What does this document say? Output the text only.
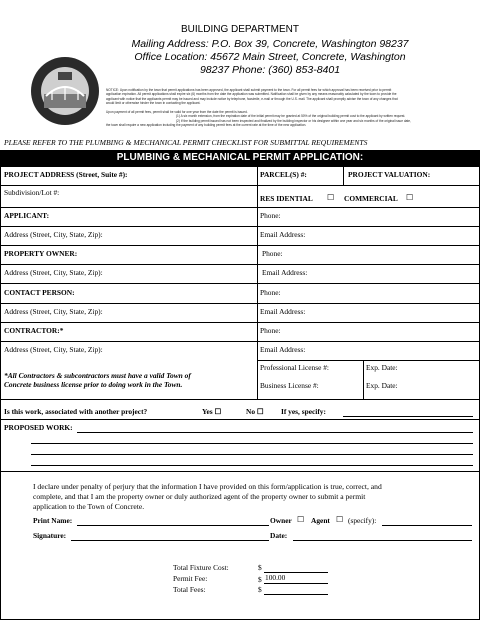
BUILDING DEPARTMENT
Mailing Address: P.O. Box 39, Concrete, Washington 98237
Office Location: 45672 Main Street, Concrete, Washington
98237 Phone: (360) 853-8401
NOTICE: Upon notification by the town that permit applications has been approved, the applicant shall submit payment to the town. For all permit fees for which approval has been received prior to permit
application expiration. All permit applications shall expire six (6) months from the date the application was submitted. Notification shall be given by any means reasonably calculated by the town to provide the
applicant with notice that the applicants permit may be issued and may include notice by telephone, facsimile, e-mail or through the U.S. mail. The applicant shall promptly advise the town of any changes that
would limit or otherwise hinder the town in contacting the applicant.
Upon payment of all permit fees, permit shall be valid for one year from the date the permit is issued.
(1) A six month extension, from the expiration date of the initial permit may be granted at 50% of the original building permit cost to the applicant by written request.
(2) If the building permit issued has not been inspected and finalized by the building inspector or his designee within one year and six months of the original issue date,
the town shall require a new application including the payment of any building permit fees at the current rate at the time of the new application.
PLEASE REFER TO THE PLUMBING & MECHANICAL PERMIT CHECKLIST FOR SUBMITTAL REQUIREMENTS
PLUMBING & MECHANICAL PERMIT APPLICATION:
PROJECT ADDRESS (Street, Suite #):	PARCEL(S) #:	PROJECT VALUATION:
Subdivision/Lot #:
RES IDENTIAL ☐ COMMERCIAL ☐
APPLICANT:	Phone:
Address (Street, City, State, Zip):	Email Address:
PROPERTY OWNER:	Phone:
Address (Street, City, State, Zip):	Email Address:
CONTACT PERSON:	Phone:
Address (Street, City, State, Zip):	Email Address:
CONTRACTOR:*	Phone:
Address (Street, City, State, Zip):	Email Address:
*All Contractors & subcontractors must have a valid Town of
Concrete business license prior to doing work in the Town.
Professional License #:	Exp. Date:
Business License #:	Exp. Date:
Is this work, associated with another project?	Yes ☐	No ☐ If yes, specify:
PROPOSED WORK:
I declare under penalty of perjury that the information I have provided on this form/application is true, correct, and
complete, and that I am the property owner or duly authorized agent of the property owner to submit a permit
application to the Town of Concrete.
Print Name:	Owner ☐ Agent ☐ (specify):
Signature:	Date:
Total Fixture Cost:	$
Permit Fee:	$ 100.00
Total Fees:	$
